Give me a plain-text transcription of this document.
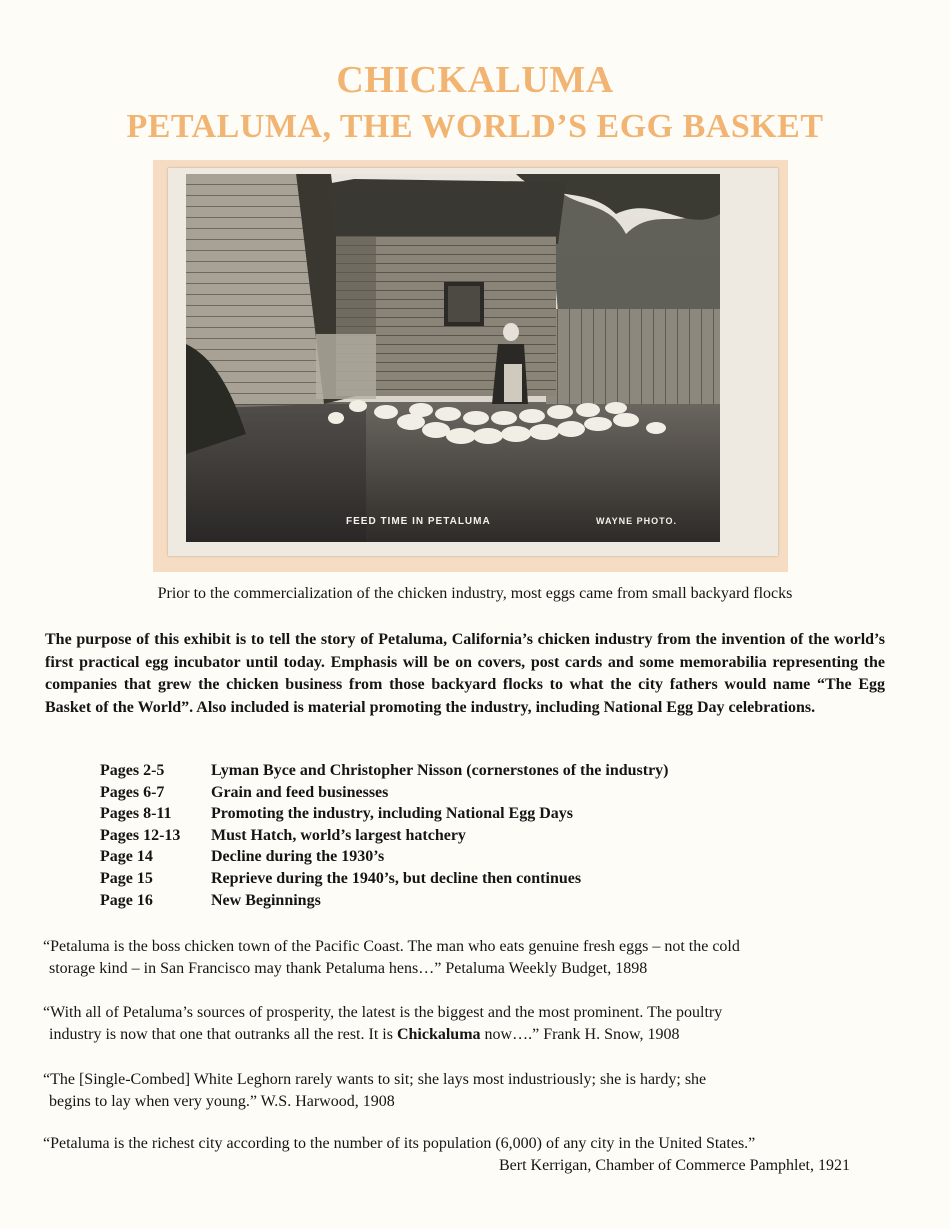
CHICKALUMA
PETALUMA, THE WORLD’S EGG BASKET
FEED TIME IN PETALUMA	WAYNE PHOTO.
Prior to the commercialization of the chicken industry, most eggs came from small backyard flocks
The purpose of this exhibit is to tell the story of Petaluma, California’s chicken industry from the invention of the world’s first practical egg incubator until today. Emphasis will be on covers, post cards and some memorabilia representing the companies that grew the chicken business from those backyard flocks to what the city fathers would name “The Egg Basket of the World”. Also included is material promoting the industry, including National Egg Day celebrations.
Pages 2-5	Lyman Byce and Christopher Nisson (cornerstones of the industry)
Pages 6-7	Grain and feed businesses
Pages 8-11	Promoting the industry, including National Egg Days
Pages 12-13	Must Hatch, world’s largest hatchery
Page 14	Decline during the 1930’s
Page 15	Reprieve during the 1940’s, but decline then continues
Page 16	New Beginnings
“Petaluma is the boss chicken town of the Pacific Coast. The man who eats genuine fresh eggs – not the cold
storage kind – in San Francisco may thank Petaluma hens…” Petaluma Weekly Budget, 1898
“With all of Petaluma’s sources of prosperity, the latest is the biggest and the most prominent. The poultry
industry is now that one that outranks all the rest. It is Chickaluma now….” Frank H. Snow, 1908
“The [Single-Combed] White Leghorn rarely wants to sit; she lays most industriously; she is hardy; she
begins to lay when very young.” W.S. Harwood, 1908
“Petaluma is the richest city according to the number of its population (6,000) of any city in the United States.”
Bert Kerrigan, Chamber of Commerce Pamphlet, 1921
